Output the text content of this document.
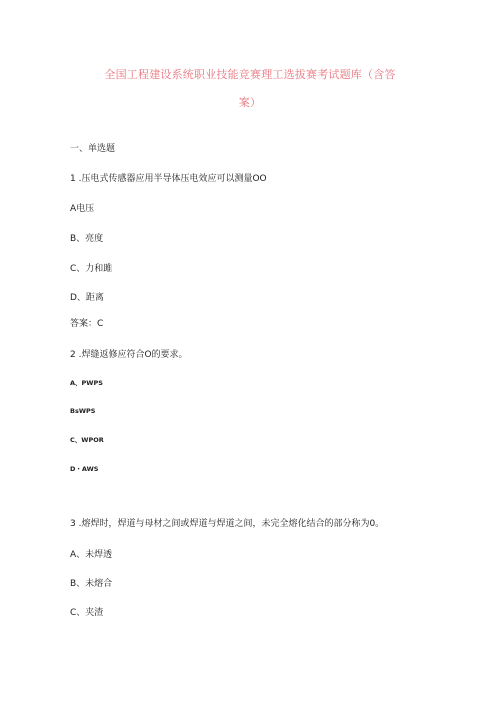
全国工程建设系统职业技能竞赛理工选拔赛考试题库（含答
案）
一、单选题
1 .压电式传感器应用半导体压电效应可以测量OO
A电压
B、亮度
C、力和雎
D、距离
答案：C
2 .焊缝返修应符合O的要求。
A、PWPS
BsWPS
C、WPOR
D・AWS
3 .熔焊时，焊道与母材之间或焊道与焊道之间，未完全熔化结合的部分称为0。
A、未焊透
B、未熔合
C、夹渣
